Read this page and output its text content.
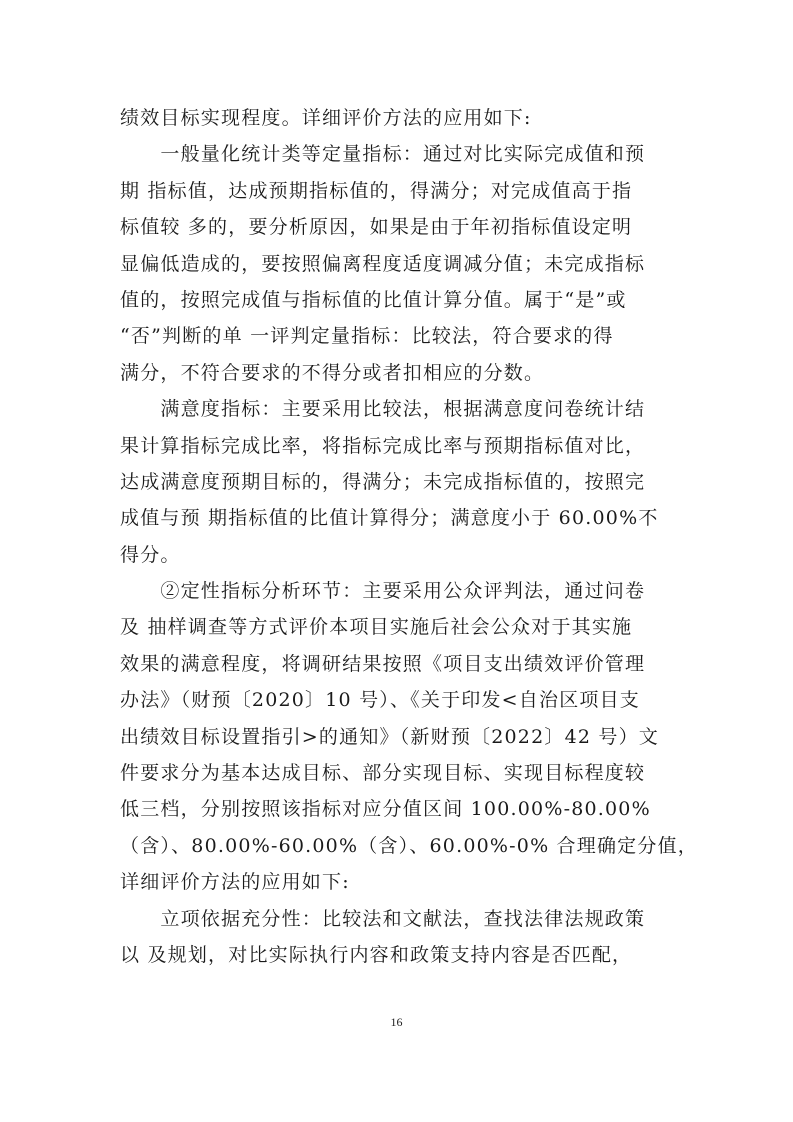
绩效目标实现程度。详细评价方法的应用如下:
　　一般量化统计类等定量指标：通过对比实际完成值和预
期 指标值，达成预期指标值的，得满分；对完成值高于指
标值较 多的，要分析原因，如果是由于年初指标值设定明
显偏低造成的，要按照偏离程度适度调减分值；未完成指标
值的，按照完成值与指标值的比值计算分值。属于“是”或
“否”判断的单 一评判定量指标：比较法，符合要求的得
满分，不符合要求的不得分或者扣相应的分数。
　　满意度指标：主要采用比较法，根据满意度问卷统计结
果计算指标完成比率，将指标完成比率与预期指标值对比，
达成满意度预期目标的，得满分；未完成指标值的，按照完
成值与预 期指标值的比值计算得分；满意度小于 60.00%不
得分。
　　②定性指标分析环节：主要采用公众评判法，通过问卷
及 抽样调查等方式评价本项目实施后社会公众对于其实施
效果的满意程度，将调研结果按照《项目支出绩效评价管理
办法》（财预〔2020〕10 号）、《关于印发<自治区项目支
出绩效目标设置指引>的通知》（新财预〔2022〕42 号）文
件要求分为基本达成目标、部分实现目标、实现目标程度较
低三档，分别按照该指标对应分值区间 100.00%-80.00%
（含）、80.00%-60.00%（含）、60.00%-0% 合理确定分值，
详细评价方法的应用如下:
　　立项依据充分性：比较法和文献法，查找法律法规政策
以 及规划，对比实际执行内容和政策支持内容是否匹配，
16
